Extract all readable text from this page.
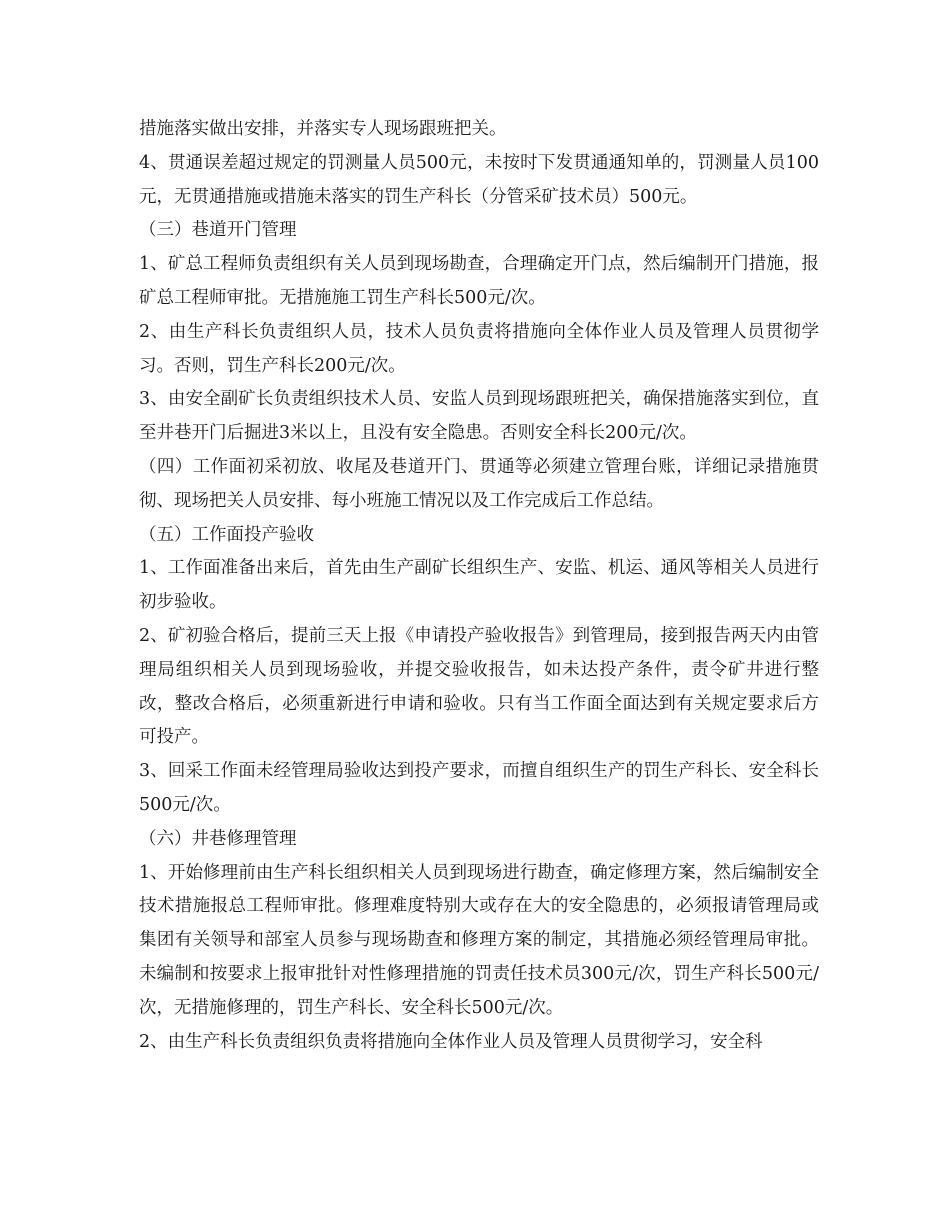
措施落实做出安排，并落实专人现场跟班把关。

4、贯通误差超过规定的罚测量人员500元，未按时下发贯通通知单的，罚测量人员100元，无贯通措施或措施未落实的罚生产科长（分管采矿技术员）500元。

（三）巷道开门管理

1、矿总工程师负责组织有关人员到现场勘查，合理确定开门点，然后编制开门措施，报矿总工程师审批。无措施施工罚生产科长500元/次。

2、由生产科长负责组织人员，技术人员负责将措施向全体作业人员及管理人员贯彻学习。否则，罚生产科长200元/次。

3、由安全副矿长负责组织技术人员、安监人员到现场跟班把关，确保措施落实到位，直至井巷开门后掘进3米以上，且没有安全隐患。否则安全科长200元/次。

（四）工作面初采初放、收尾及巷道开门、贯通等必须建立管理台账，详细记录措施贯彻、现场把关人员安排、每小班施工情况以及工作完成后工作总结。

（五）工作面投产验收

1、工作面准备出来后，首先由生产副矿长组织生产、安监、机运、通风等相关人员进行初步验收。

2、矿初验合格后，提前三天上报《申请投产验收报告》到管理局，接到报告两天内由管理局组织相关人员到现场验收，并提交验收报告，如未达投产条件，责令矿井进行整改，整改合格后，必须重新进行申请和验收。只有当工作面全面达到有关规定要求后方可投产。

3、回采工作面未经管理局验收达到投产要求，而擅自组织生产的罚生产科长、安全科长500元/次。

（六）井巷修理管理

1、开始修理前由生产科长组织相关人员到现场进行勘查，确定修理方案，然后编制安全技术措施报总工程师审批。修理难度特别大或存在大的安全隐患的，必须报请管理局或集团有关领导和部室人员参与现场勘查和修理方案的制定，其措施必须经管理局审批。未编制和按要求上报审批针对性修理措施的罚责任技术员300元/次，罚生产科长500元/次，无措施修理的，罚生产科长、安全科长500元/次。

2、由生产科长负责组织负责将措施向全体作业人员及管理人员贯彻学习，安全科
